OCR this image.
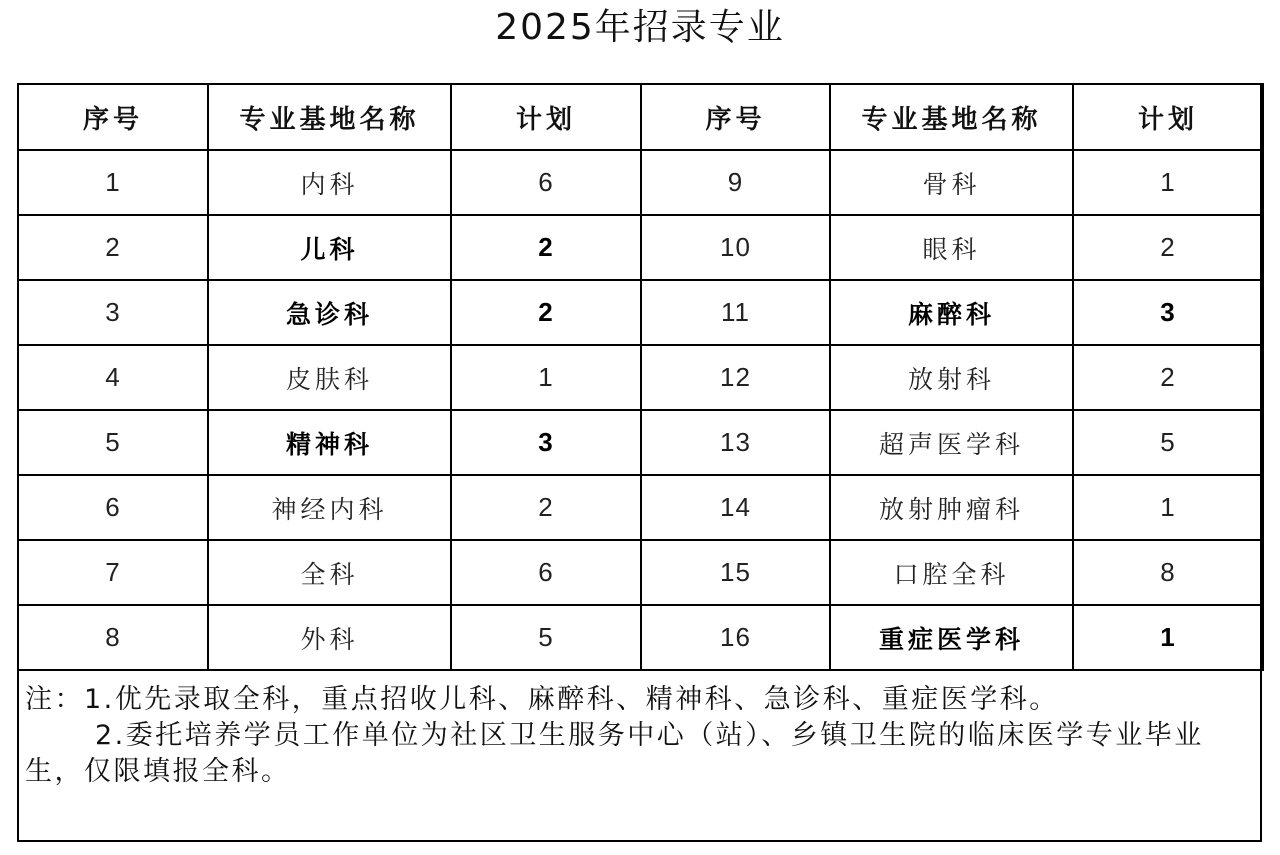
2025年招录专业
序号	专业基地名称	计划	序号	专业基地名称	计划
1	内科	6	9	骨科	1
2	儿科	2	10	眼科	2
3	急诊科	2	11	麻醉科	3
4	皮肤科	1	12	放射科	2
5	精神科	3	13	超声医学科	5
6	神经内科	2	14	放射肿瘤科	1
7	全科	6	15	口腔全科	8
8	外科	5	16	重症医学科	1

注：1.优先录取全科，重点招收儿科、麻醉科、精神科、急诊科、重症医学科。

2.委托培养学员工作单位为社区卫生服务中心（站）、乡镇卫生院的临床医学专业毕业生，仅限填报全科。
